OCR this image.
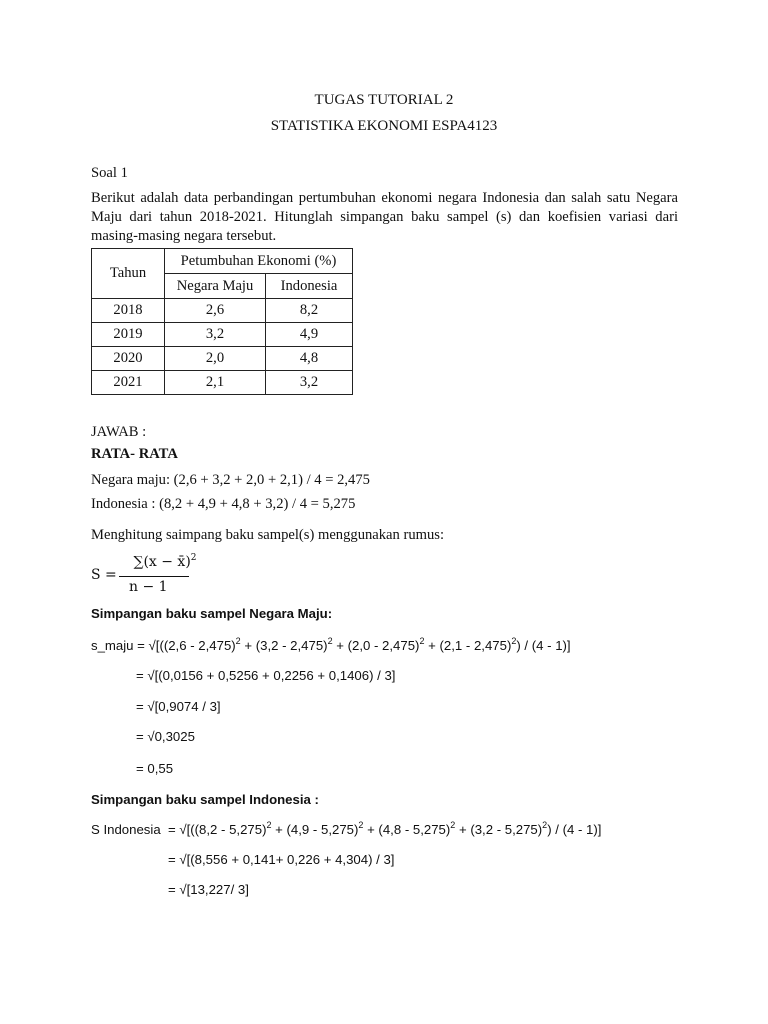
TUGAS TUTORIAL 2
STATISTIKA EKONOMI ESPA4123
Soal 1
Berikut adalah data perbandingan pertumbuhan ekonomi negara Indonesia dan salah satu Negara
Maju dari tahun 2018-2021. Hitunglah simpangan baku sampel (s) dan koefisien variasi dari
masing-masing negara tersebut.
Tahun	Petumbuhan Ekonomi (%)	
	Negara Maju	Indonesia
2018	2,6	8,2
2019	3,2	4,9
2020	2,0	4,8
2021	2,1	3,2
JAWAB :
RATA- RATA
Negara maju: (2,6 + 3,2 + 2,0 + 2,1) / 4 = 2,475
Indonesia : (8,2 + 4,9 + 4,8 + 3,2) / 4 = 5,275
Menghitung saimpang baku sampel(s) menggunakan rumus:
S =
∑(x − x̄)$^2$
n − 1
Simpangan baku sampel Negara Maju:
s_maju = √[((2,6 - 2,475)$^2$ + (3,2 - 2,475)$^2$ + (2,0 - 2,475)$^2$ + (2,1 - 2,475)$^2$) / (4 - 1)]
= √[(0,0156 + 0,5256 + 0,2256 + 0,1406) / 3]
= √[0,9074 / 3]
= √0,3025
= 0,55
Simpangan baku sampel Indonesia :
S Indonesia = √[((8,2 - 5,275)$^2$ + (4,9 - 5,275)$^2$ + (4,8 - 5,275)$^2$ + (3,2 - 5,275)$^2$) / (4 - 1)]
= √[(8,556 + 0,141+ 0,226 + 4,304) / 3]
= √[13,227/ 3]
